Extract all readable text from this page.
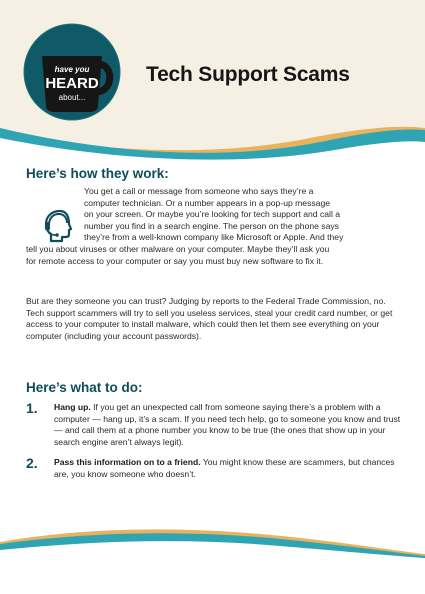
have you
HEARD
about...
Tech Support Scams
Here’s how they work:

You get a call or message from someone who says they’re a
computer technician. Or a number appears in a pop-up message
on your screen. Or maybe you’re looking for tech support and call a
number you find in a search engine. The person on the phone says
they’re from a well-known company like Microsoft or Apple. And they
tell you about viruses or other malware on your computer. Maybe they’ll ask you
for remote access to your computer or say you must buy new software to fix it.

But are they someone you can trust? Judging by reports to the Federal Trade Commission, no. Tech support scammers will try to sell you useless services, steal your credit card number, or get access to your computer to install malware, which could then let them see everything on your computer (including your account passwords).

Here’s what to do:
1. Hang up. If you get an unexpected call from someone saying there’s a problem with a computer — hang up, it’s a scam. If you need tech help, go to someone you know and trust — and call them at a phone number you know to be true (the ones that show up in your search engine aren’t always legit).
2. Pass this information on to a friend. You might know these are scammers, but chances are, you know someone who doesn’t.
